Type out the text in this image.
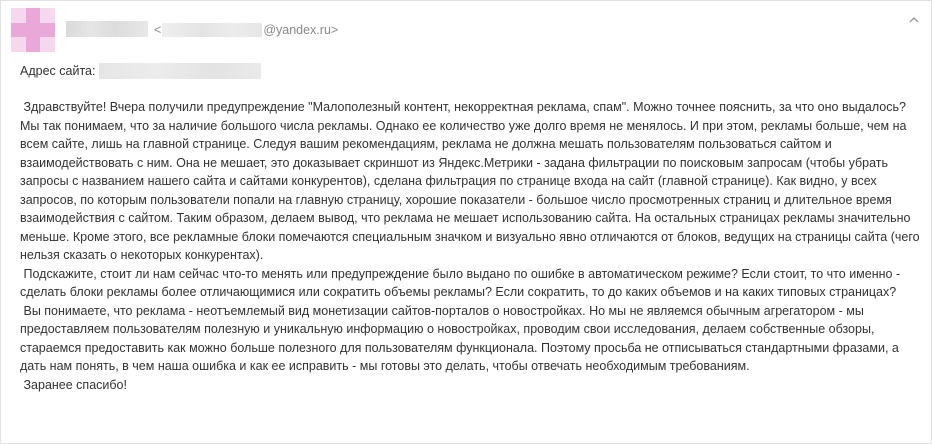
<	@yandex.ru>
Адрес сайта:

Здравствуйте! Вчера получили предупреждение "Малополезный контент, некорректная реклама, спам". Можно точнее пояснить, за что оно выдалось? Мы так понимаем, что за наличие большого числа рекламы. Однако ее количество уже долго время не менялось. И при этом, рекламы больше, чем на всем сайте, лишь на главной странице. Следуя вашим рекомендациям, реклама не должна мешать пользователям пользоваться сайтом и взаимодействовать с ним. Она не мешает, это доказывает скриншот из Яндекс.Метрики - задана фильтрации по поисковым запросам (чтобы убрать запросы с названием нашего сайта и сайтами конкурентов), сделана фильтрация по странице входа на сайт (главной странице). Как видно, у всех запросов, по которым пользователи попали на главную страницу, хорошие показатели - большое число просмотренных страниц и длительное время взаимодействия с сайтом. Таким образом, делаем вывод, что реклама не мешает использованию сайта. На остальных страницах рекламы значительно меньше. Кроме этого, все рекламные блоки помечаются специальным значком и визуально явно отличаются от блоков, ведущих на страницы сайта (чего нельзя сказать о некоторых конкурентах).

Подскажите, стоит ли нам сейчас что-то менять или предупреждение было выдано по ошибке в автоматическом режиме? Если стоит, то что именно - сделать блоки рекламы более отличающимися или сократить объемы рекламы? Если сократить, то до каких объемов и на каких типовых страницах?

Вы понимаете, что реклама - неотъемлемый вид монетизации сайтов-порталов о новостройках. Но мы не являемся обычным агрегатором - мы предоставляем пользователям полезную и уникальную информацию о новостройках, проводим свои исследования, делаем собственные обзоры, стараемся предоставить как можно больше полезного для пользователям функционала. Поэтому просьба не отписываться стандартными фразами, а дать нам понять, в чем наша ошибка и как ее исправить - мы готовы это делать, чтобы отвечать необходимым требованиям.

Заранее спасибо!
